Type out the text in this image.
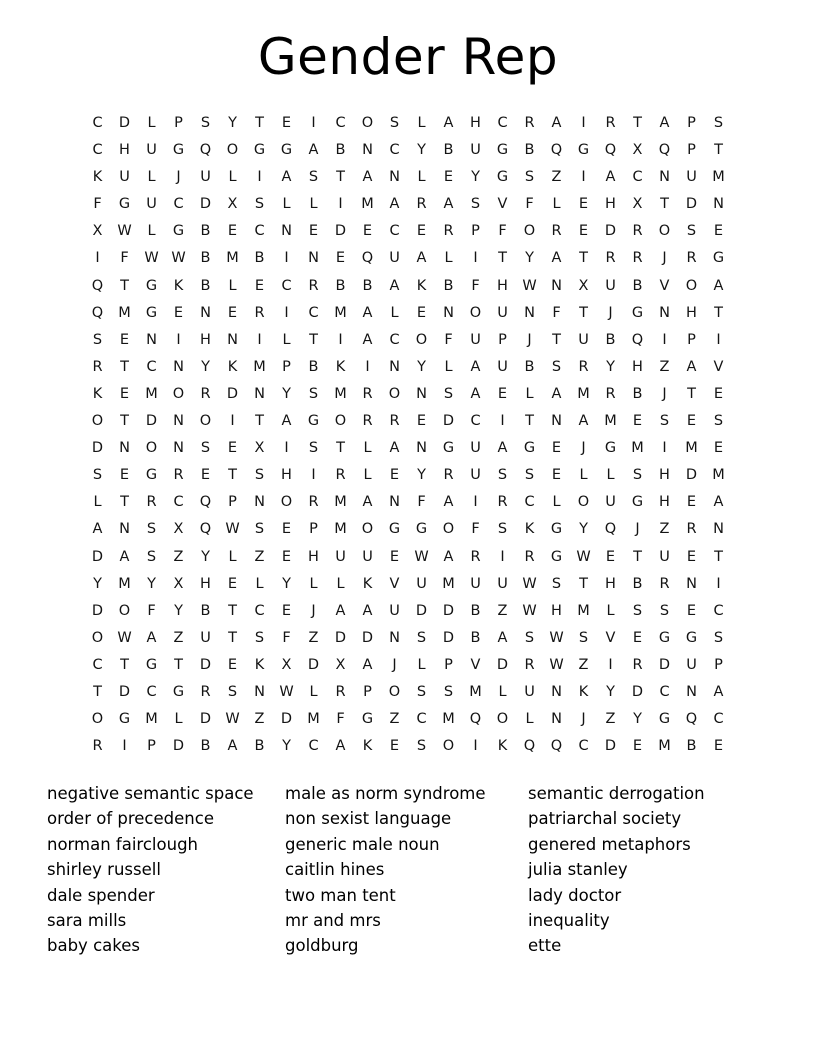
Gender Rep
C	D	L	P	S	Y	T	E	I	C	O	S	L	A	H	C	R	A	I	R	T	A	P	S
C	H	U	G	Q	O	G	G	A	B	N	C	Y	B	U	G	B	Q	G	Q	X	Q	P	T
K	U	L	J	U	L	I	A	S	T	A	N	L	E	Y	G	S	Z	I	A	C	N	U	M
F	G	U	C	D	X	S	L	L	I	M	A	R	A	S	V	F	L	E	H	X	T	D	N
X	W	L	G	B	E	C	N	E	D	E	C	E	R	P	F	O	R	E	D	R	O	S	E
I	F	W W	B	M	B	I	N	E	Q	U	A	L	I	T	Y	A	T	R	R	J	R	G
Q	T	G	K	B	L	E	C	R	B	B	A	K	B	F	H W N	X	U	B	V	O	A
Q	M	G	E	N	E	R	I	C	M	A	L	E	N	O	U	N	F	T	J	G	N	H	T
S	E	N	I	H	N	I	L	T	I	A	C	O	F	U	P	J	T	U	B	Q	I	P	I
R	T	C	N	Y	K	M	P	B	K	I	N	Y	L	A	U	B	S	R	Y	H	Z	A	V
K	E	M	O	R	D	N	Y	S	M	R	O	N	S	A	E	L	A	M	R	B	J	T	E
O	T	D	N	O	I	T	A	G	O	R	R	E	D	C	I	T	N	A	M	E	S	E	S
D	N	O	N	S	E	X	I	S	T	L	A	N	G	U	A	G	E	J	G	M	I	M	E
S	E	G	R	E	T	S	H	I	R	L	E	Y	R	U	S	S	E	L	L	S	H	D	M
L	T	R	C	Q	P	N	O	R	M	A	N	F	A	I	R	C	L	O	U	G	H	E	A
A	N	S	X	Q W	S	E	P	M	O	G	G	O	F	S	K	G	Y	Q	J	Z	R	N
D	A	S	Z	Y	L	Z	E	H	U	U	E	W	A	R	I	R	G W	E	T	U	E	T
Y	M	Y	X	H	E	L	Y	L	L	K	V	U	M	U	U	W	S	T	H	B	R	N	I
D	O	F	Y	B	T	C	E	J	A	A	U	D	D	B	Z	W H	M	L	S	S	E	C
O W	A	Z	U	T	S	F	Z	D	D	N	S	D	B	A	S	W	S	V	E	G	G	S
C	T	G	T	D	E	K	X	D	X	A	J	L	P	V	D	R	W	Z	I	R	D	U	P
T	D	C	G	R	S	N W	L	R	P	O	S	S	M	L	U	N	K	Y	D	C	N	A
O	G	M	L	D W	Z	D	M	F	G	Z	C	M	Q	O	L	N	J	Z	Y	G	Q	C
R	I	P	D	B	A	B	Y	C	A	K	E	S	O	I	K	Q	Q	C	D	E	M	B	E
negative semantic space
order of precedence
norman fairclough
shirley russell
dale spender
sara mills
baby cakes
male as norm syndrome
non sexist language
generic male noun
caitlin hines
two man tent
mr and mrs
goldburg
semantic derrogation
patriarchal society
genered metaphors
julia stanley
lady doctor
inequality
ette
